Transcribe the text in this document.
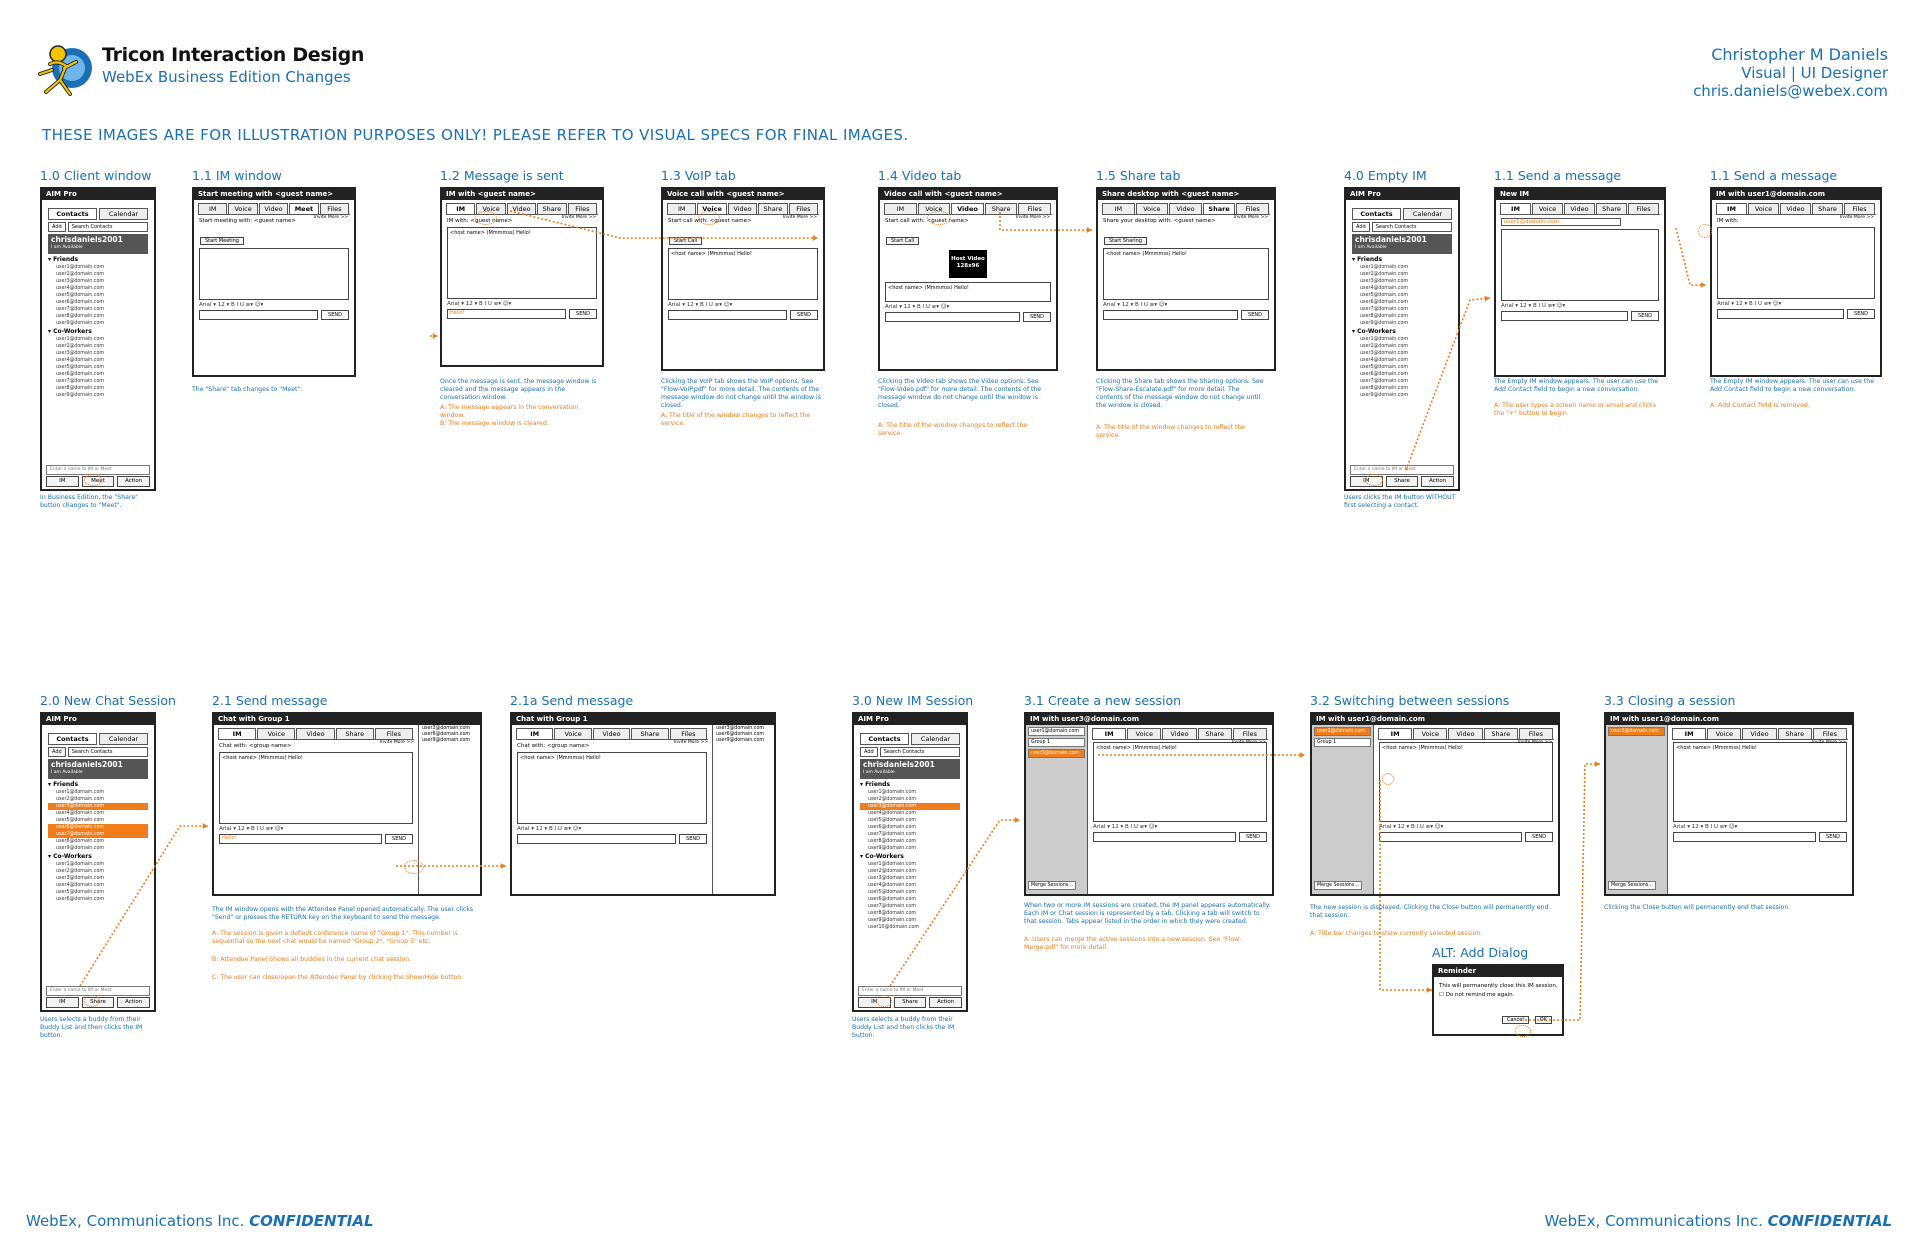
Tricon Interaction Design
WebEx Business Edition Changes
Christopher M Daniels
Visual | UI Designer
chris.daniels@webex.com
THESE IMAGES ARE FOR ILLUSTRATION PURPOSES ONLY! PLEASE REFER TO VISUAL SPECS FOR FINAL IMAGES.
1.0 Client window
AIM Pro
Contacts	Calendar
Add	Search Contacts
chrisdaniels2001
I am Available
▾ Friends
user1@domain.com
user2@domain.com
user3@domain.com
user4@domain.com
user5@domain.com
user6@domain.com
user7@domain.com
user8@domain.com
user9@domain.com
▾ Co-Workers
user1@domain.com
user2@domain.com
user3@domain.com
user4@domain.com
user5@domain.com
user6@domain.com
user7@domain.com
user8@domain.com
user9@domain.com
Enter a name to IM or Meet
IM	Meet	Action
1.1 IM window
Start meeting with <guest name>
IM	Voice	Video	Meet	Files
Invite More >>
Start meeting with: <guest name>
Start Meeting
Arial ▾ 12 ▾ B I U ≡▾ ☺▾
SEND
1.2 Message is sent
IM with <guest name>
IM	Voice	Video	Share	Files
Invite More >>
IM with: <guest name>
<host name> (Mmmmss) Hello!
Arial ▾ 12 ▾ B I U ≡▾ ☺▾
Hello!	SEND
1.3 VoIP tab
Voice call with <guest name>
IM	Voice	Video	Share	Files
Invite More >>
Start call with: <guest name>
Start Call
<host name> (Mmmmss) Hello!
Arial ▾ 12 ▾ B I U ≡▾ ☺▾
SEND
1.4 Video tab
Video call with <guest name>
IM	Voice	Video	Share	Files
Invite More >>
Start call with: <guest name>
Start Call
Host Video 128x96
<host name> (Mmmmss) Hello!
Arial ▾ 12 ▾ B I U ≡▾ ☺▾
SEND
1.5 Share tab
Share desktop with <guest name>
IM	Voice	Video	Share	Files
Invite More >>
Share your desktop with: <guest name>
Start Sharing
<host name> (Mmmmss) Hello!
Arial ▾ 12 ▾ B I U ≡▾ ☺▾
SEND
4.0 Empty IM
AIM Pro
Contacts	Calendar
Add	Search Contacts
chrisdaniels2001
I am Available
▾ Friends
user1@domain.com
user2@domain.com
user3@domain.com
user4@domain.com
user5@domain.com
user6@domain.com
user7@domain.com
user8@domain.com
user9@domain.com
▾ Co-Workers
user1@domain.com
user2@domain.com
user3@domain.com
user4@domain.com
user5@domain.com
user6@domain.com
user7@domain.com
user8@domain.com
user9@domain.com
Enter a name to IM or Meet
IM	Share	Action
1.1 Send a message
New IM
IM	Voice	Video	Share	Files
user1@domain.com
Arial ▾ 12 ▾ B I U ≡▾ ☺▾
SEND
1.1 Send a message
IM with user1@domain.com
IM	Voice	Video	Share	Files
Invite More >>
IM with:
Arial ▾ 12 ▾ B I U ≡▾ ☺▾
SEND
2.0 New Chat Session
AIM Pro
Contacts	Calendar
Add	Search Contacts
chrisdaniels2001
I am Available
▾ Friends
user1@domain.com
user2@domain.com
user3@domain.com
user4@domain.com
user5@domain.com
user6@domain.com
user7@domain.com
user8@domain.com
user9@domain.com
▾ Co-Workers
user1@domain.com
user2@domain.com
user3@domain.com
user4@domain.com
user5@domain.com
user6@domain.com
Enter a name to IM or Meet
IM	Share	Action
2.1 Send message
Chat with Group 1
user3@domain.com
user6@domain.com
user9@domain.com
IM	Voice	Video	Share	Files
Chat with: <group name>
<host name> (Mmmmss) Hello!
Arial ▾ 12 ▾ B I U ≡▾ ☺▾
Hello!	SEND
Invite More >>
2.1a Send message
Chat with Group 1
user3@domain.com
user6@domain.com
user9@domain.com
IM	Voice	Video	Share	Files
Chat with: <group name>
<host name> (Mmmmss) Hello!
Arial ▾ 12 ▾ B I U ≡▾ ☺▾
SEND
Invite More >>
3.0 New IM Session
AIM Pro
Contacts	Calendar
Add	Search Contacts
chrisdaniels2001
I am Available
▾ Friends
user1@domain.com
user2@domain.com
user3@domain.com
user4@domain.com
user5@domain.com
user6@domain.com
user7@domain.com
user8@domain.com
user9@domain.com
▾ Co-Workers
user1@domain.com
user2@domain.com
user3@domain.com
user4@domain.com
user5@domain.com
user6@domain.com
user7@domain.com
user8@domain.com
user9@domain.com
user10@domain.com
Enter a name to IM or Meet
IM	Share	Action
3.1 Create a new session
IM with user3@domain.com
user1@domain.com
Group 1
user3@domain.com
Merge Sessions...
IM	Voice	Video	Share	Files
<host name> (Mmmmss) Hello!
Arial ▾ 12 ▾ B I U ≡▾ ☺▾
SEND
Invite More >>
3.2 Switching between sessions
IM with user1@domain.com
user1@domain.com
Group 1
Merge Sessions...
IM	Voice	Video	Share	Files
<host name> (Mmmmss) Hello!
Arial ▾ 12 ▾ B I U ≡▾ ☺▾
SEND
Invite More >>
3.3 Closing a session
IM with user1@domain.com
user1@domain.com
Merge Sessions...
IM	Voice	Video	Share	Files
<host name> (Mmmmss) Hello!
Arial ▾ 12 ▾ B I U ≡▾ ☺▾
SEND
Invite More >>
ALT: Add Dialog
Reminder
This will permanently close this IM session.
☐ Do not remind me again.
Cancel	OK
WebEx, Communications Inc. CONFIDENTIAL	WebEx, Communications Inc. CONFIDENTIAL
In Business Edition, the "Share" button changes to "Meet".
The "Share" tab changes to "Meet".
Once the message is sent, the message window is cleared and the message appears in the conversation window.
A: The message appears in the conversation window.
B: The message window is cleared.
Clicking the VoIP tab shows the VoIP options. See "Flow-VoIP.pdf" for more detail. The contents of the message window do not change until the window is closed.
A: The title of the window changes to reflect the service.
Clicking the Video tab shows the Video options. See "Flow-Video.pdf" for more detail. The contents of the message window do not change until the window is closed.
A: The title of the window changes to reflect the service.
Clicking the Share tab shows the Sharing options. See "Flow-Share-Escalate.pdf" for more detail. The contents of the message window do not change until the window is closed.
A: The title of the window changes to reflect the service.
Users clicks the IM button WITHOUT first selecting a contact.
The Empty IM window appears. The user can use the Add Contact field to begin a new conversation.
A: The user types a screen name or email and clicks the "+" button to begin.
The Empty IM window appears. The user can use the Add Contact field to begin a new conversation.
A: Add Contact field is removed.
Users selects a buddy from their Buddy List and then clicks the IM button.
The IM window opens with the Attendee Panel opened automatically. The user clicks "Send" or presses the RETURN key on the keyboard to send the message.
A: The session is given a default conference name of "Group 1". This number is sequential so the next chat would be named "Group 2", "Group 3" etc.
B: Attendee Panel Shows all buddies in the current chat session.
C: The user can close/open the Attendee Panel by clicking the Show/Hide button.
Users selects a buddy from their Buddy List and then clicks the IM button.
When two or more IM sessions are created, the IM panel appears automatically. Each IM or Chat session is represented by a tab. Clicking a tab will switch to that session. Tabs appear listed in the order in which they were created.
A: Users can merge the active sessions into a new session. See "Flow-Merge.pdf" for more detail.
The new session is displayed. Clicking the Close button will permanently end that session.
A: Title bar changes to show currently selected session.
Clicking the Close button will permanently end that session.
